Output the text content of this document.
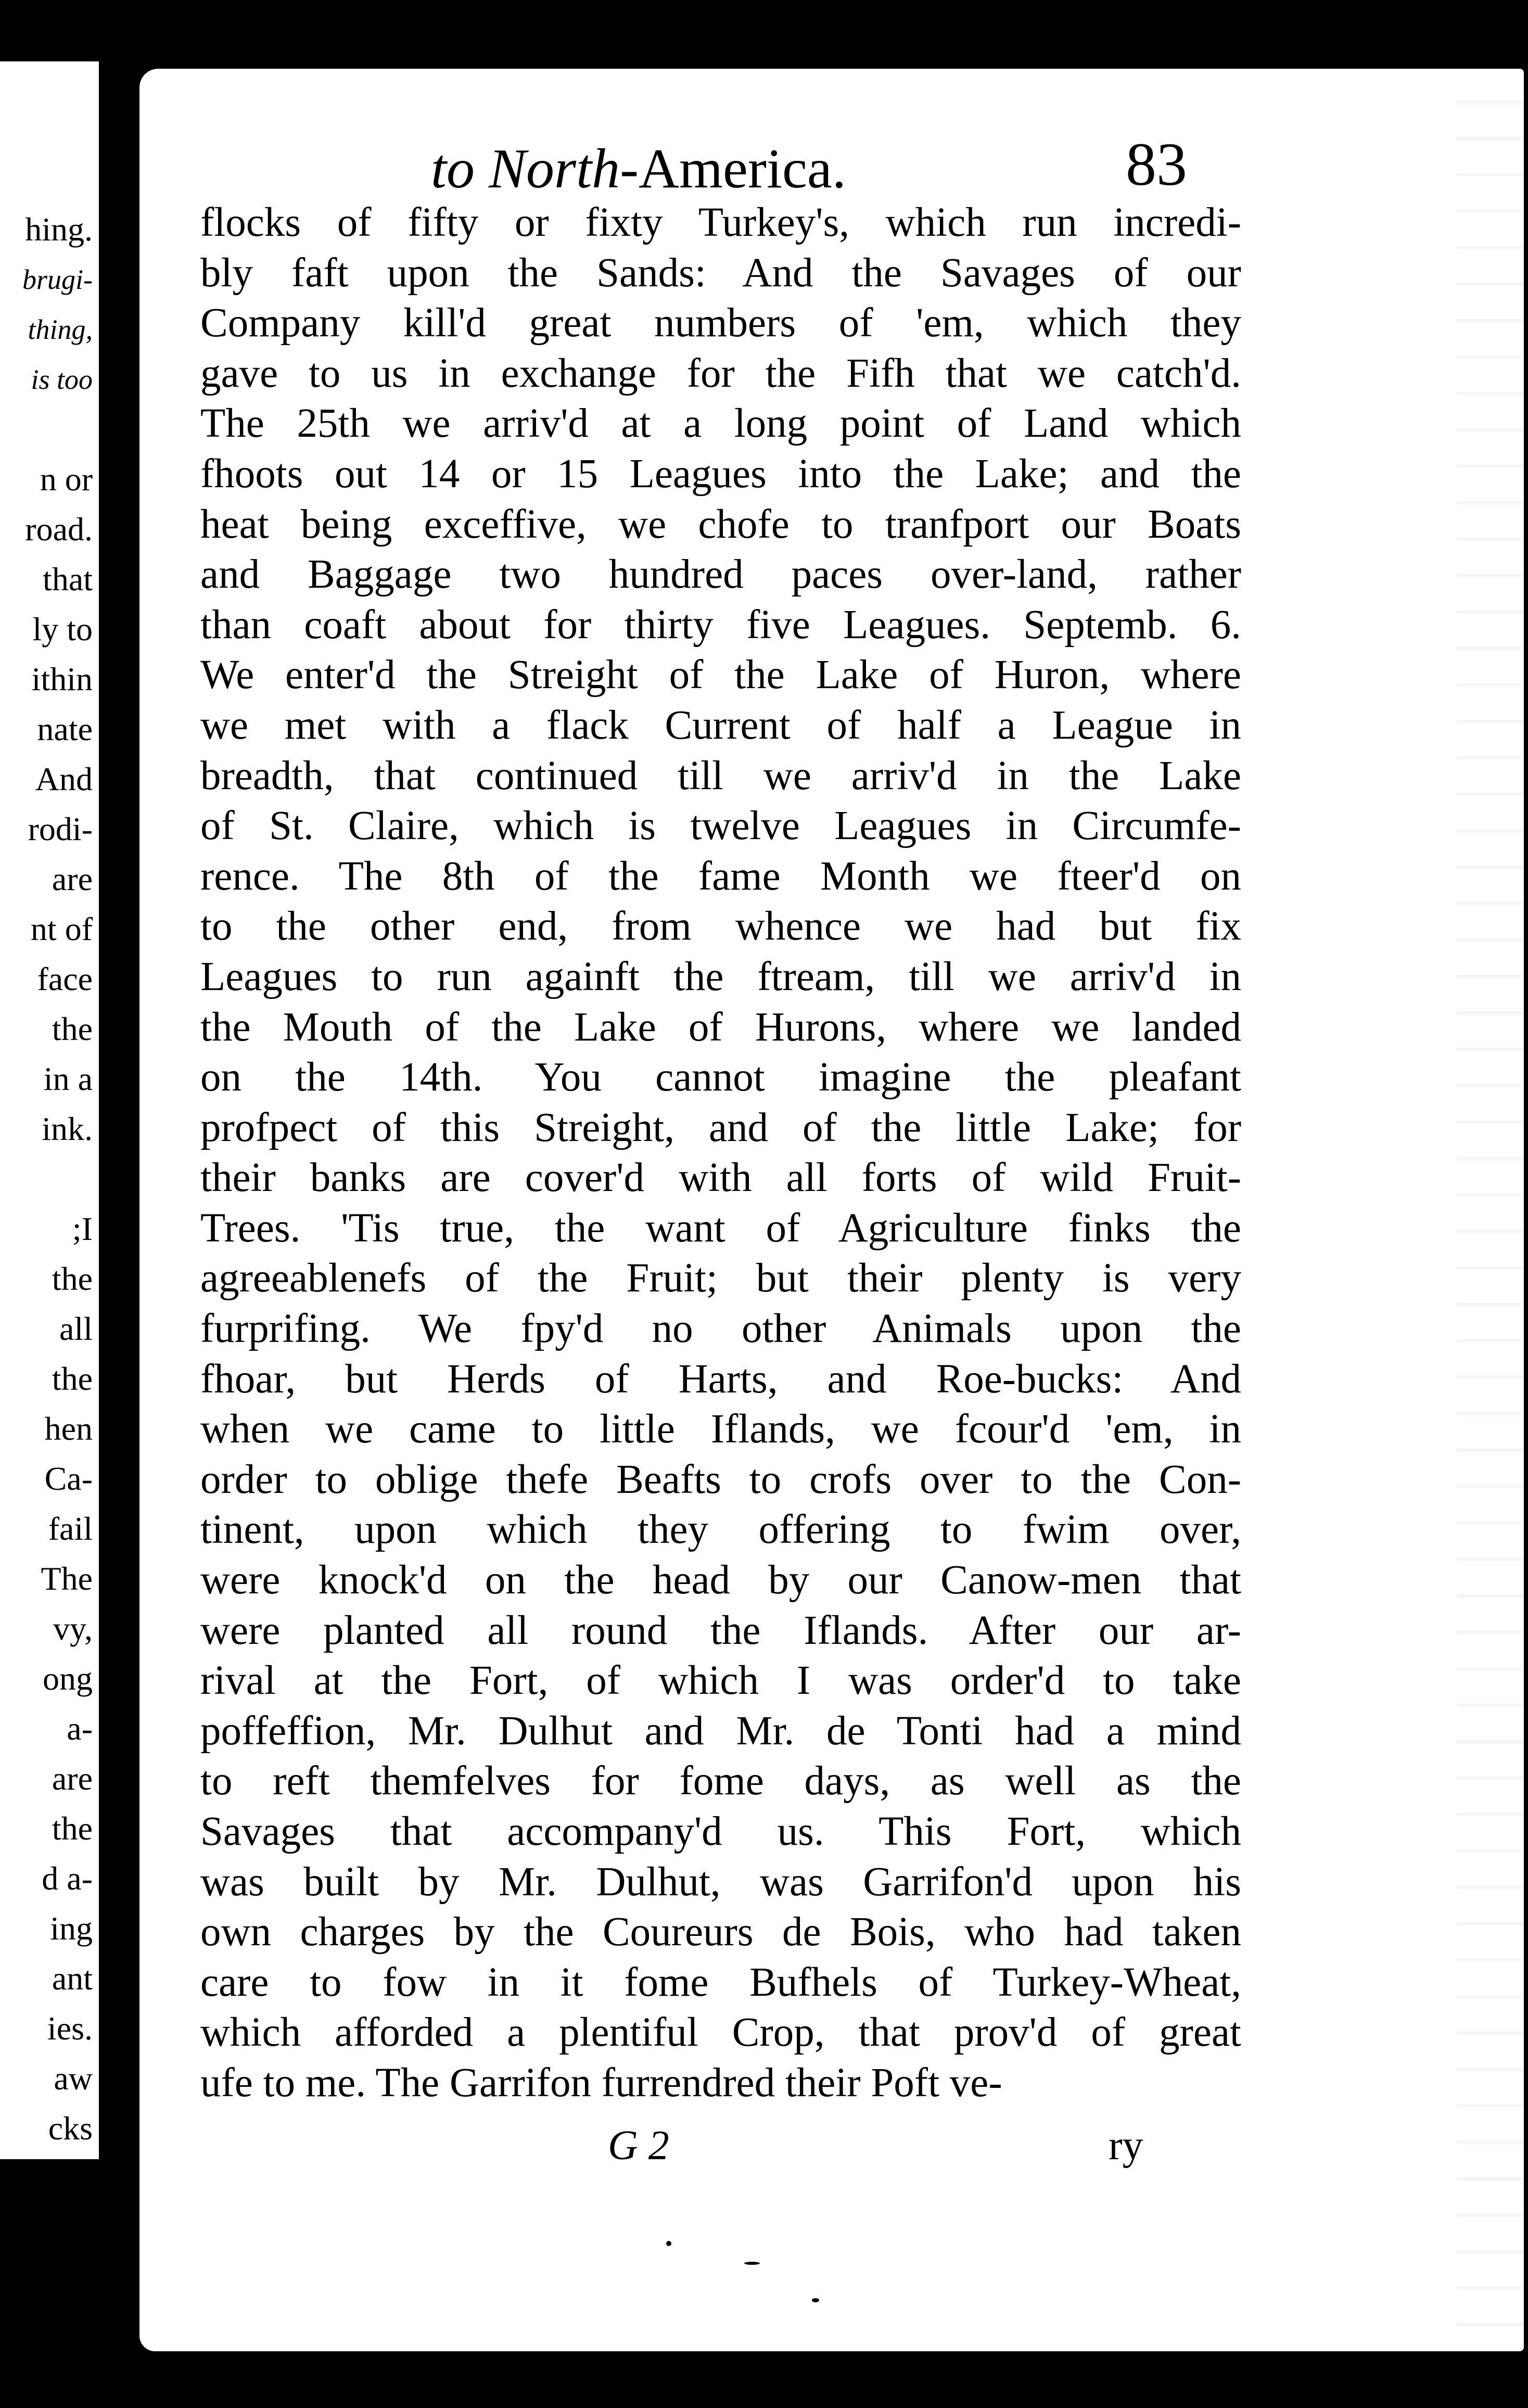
hing.
brugi-
thing,
is too
n or
road.
that
ly to
ithin
nate
And
rodi-
are
nt of
face
the
in a
ink.
;I
the
all
the
hen
Ca-
fail
The
vy,
ong
a-
are
the
d a-
ing
ant
ies.
aw
cks
to North-America.	83
flocks of fifty or fixty Turkey's, which run incredi-
bly faft upon the Sands: And the Savages of our
Company kill'd great numbers of 'em, which they
gave to us in exchange for the Fifh that we catch'd.
The 25th we arriv'd at a long point of Land which
fhoots out 14 or 15 Leagues into the Lake; and the
heat being exceffive, we chofe to tranfport our Boats
and Baggage two hundred paces over-land, rather
than coaft about for thirty five Leagues. Septemb. 6.
We enter'd the Streight of the Lake of Huron, where
we met with a flack Current of half a League in
breadth, that continued till we arriv'd in the Lake
of St. Claire, which is twelve Leagues in Circumfe-
rence. The 8th of the fame Month we fteer'd on
to the other end, from whence we had but fix
Leagues to run againft the ftream, till we arriv'd in
the Mouth of the Lake of Hurons, where we landed
on the 14th. You cannot imagine the pleafant
profpect of this Streight, and of the little Lake; for
their banks are cover'd with all forts of wild Fruit-
Trees. 'Tis true, the want of Agriculture finks the
agreeablenefs of the Fruit; but their plenty is very
furprifing. We fpy'd no other Animals upon the
fhoar, but Herds of Harts, and Roe-bucks: And
when we came to little Iflands, we fcour'd 'em, in
order to oblige thefe Beafts to crofs over to the Con-
tinent, upon which they offering to fwim over,
were knock'd on the head by our Canow-men that
were planted all round the Iflands. After our ar-
rival at the Fort, of which I was order'd to take
poffeffion, Mr. Dulhut and Mr. de Tonti had a mind
to reft themfelves for fome days, as well as the
Savages that accompany'd us. This Fort, which
was built by Mr. Dulhut, was Garrifon'd upon his
own charges by the Coureurs de Bois, who had taken
care to fow in it fome Bufhels of Turkey-Wheat,
which afforded a plentiful Crop, that prov'd of great
ufe to me. The Garrifon furrendred their Poft ve-
G 2	ry
